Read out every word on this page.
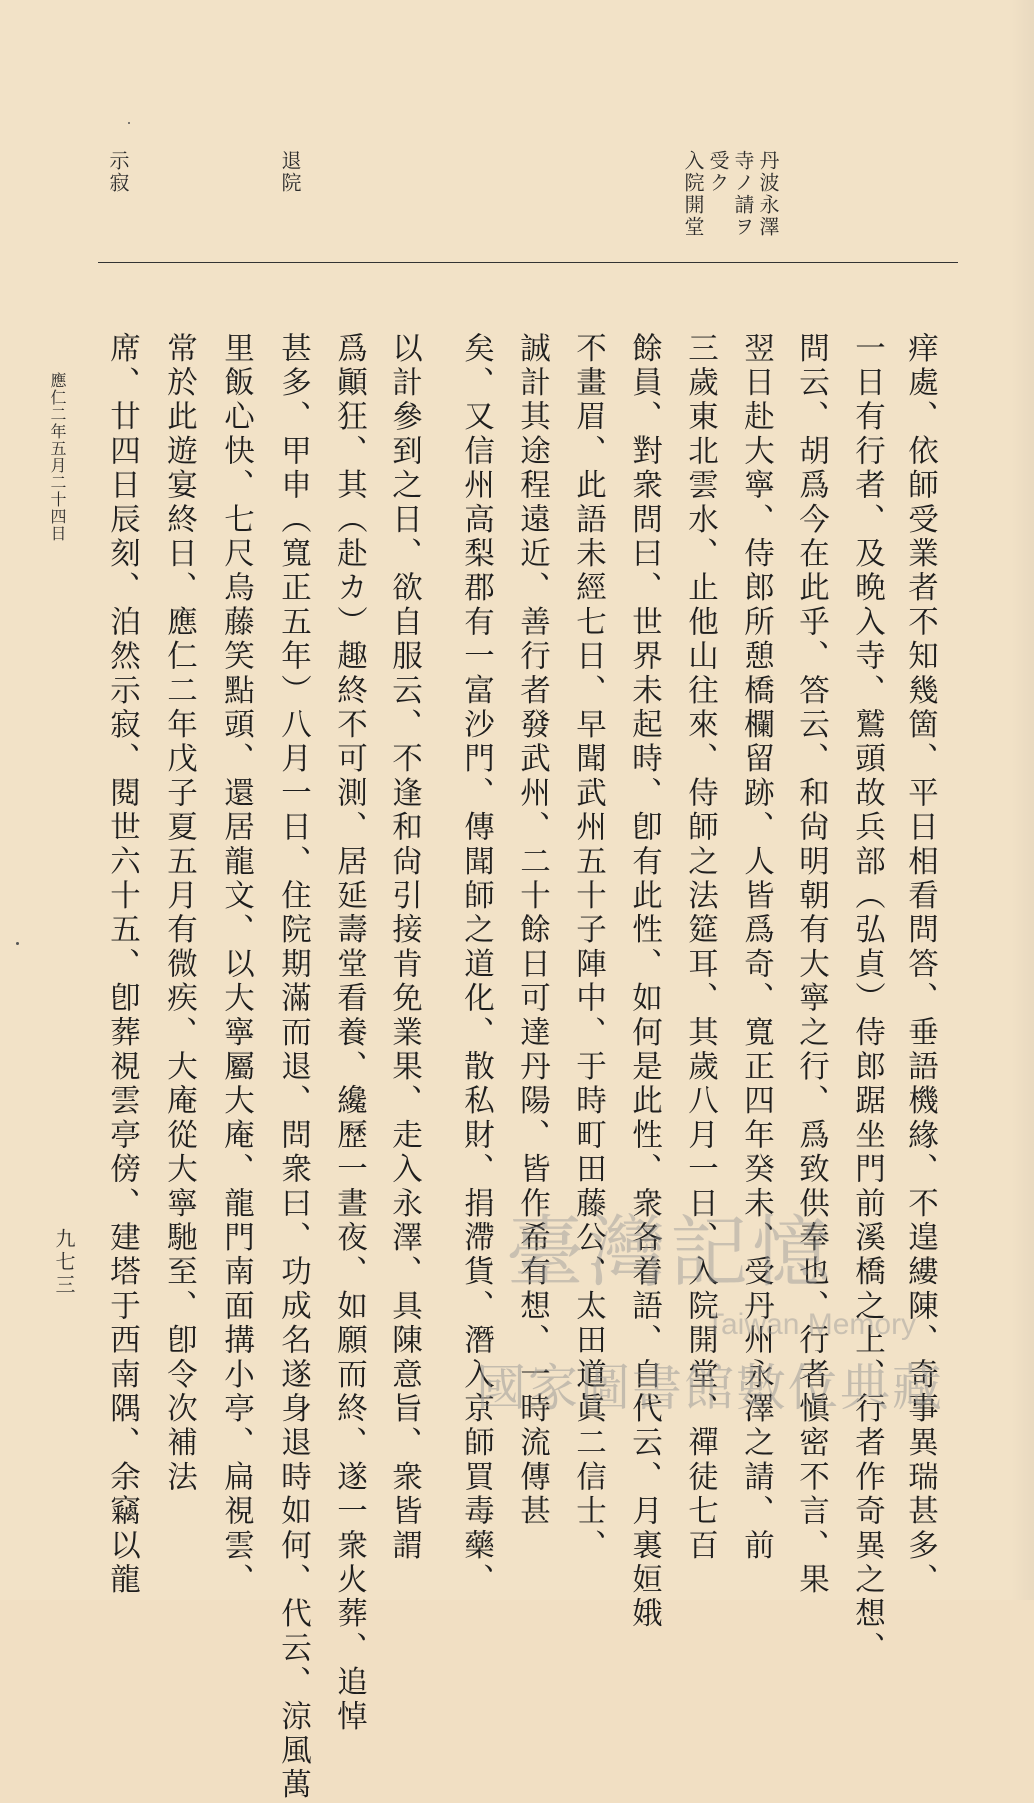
丹波永澤
寺ノ請ヲ
受ク
入院開堂
退院
示寂
痒處、依師受業者不知幾箇、平日相看問答、垂語機緣、不遑縷陳、奇事異瑞甚多、
一日有行者、及晩入寺、鷲頭故兵部（弘貞）侍郎踞坐門前溪橋之上、行者作奇異之想、
問云、胡爲今在此乎、答云、和尙明朝有大寧之行、爲致供奉也、行者愼密不言、果
翌日赴大寧、侍郎所憩橋欄留跡、人皆爲奇、寬正四年癸未、受丹州永澤之請、前
三歲東北雲水、止他山往來、侍師之法筵耳、其歲八月一日、入院開堂、禪徒七百
餘員、對衆問曰、世界未起時、卽有此性、如何是此性、衆各着語、自代云、月裏姮娥
不畫眉、此語未經七日、早聞武州五十子陣中、于時町田藤公、太田道眞二信士、
誠計其途程遠近、善行者發武州、二十餘日可達丹陽、皆作希有想、一時流傳甚
矣、又信州高梨郡有一富沙門、傳聞師之道化、散私財、捐滯貨、潛入京師買毒藥、
以計參到之日、欲自服云、不逢和尙引接肯免業果、走入永澤、具陳意旨、衆皆謂
爲顚狂、其（赴カ）趣終不可測、居延壽堂看養、纔歷一晝夜、如願而終、遂一衆火葬、追悼
甚多、甲申（寬正五年）八月一日、住院期滿而退、問衆曰、功成名遂身退時如何、代云、涼風萬
里飯心快、七尺烏藤笑點頭、還居龍文、以大寧屬大庵、龍門南面搆小亭、扁視雲、
常於此遊宴終日、應仁二年戊子夏五月有微疾、大庵從大寧馳至、卽令次補法
席、廿四日辰刻、泊然示寂、閱世六十五、卽葬視雲亭傍、建塔于西南隅、余竊以龍
應仁二年五月二十四日
九七三	臺灣記憶
Taiwan Memory
國家圖書館數位典藏
